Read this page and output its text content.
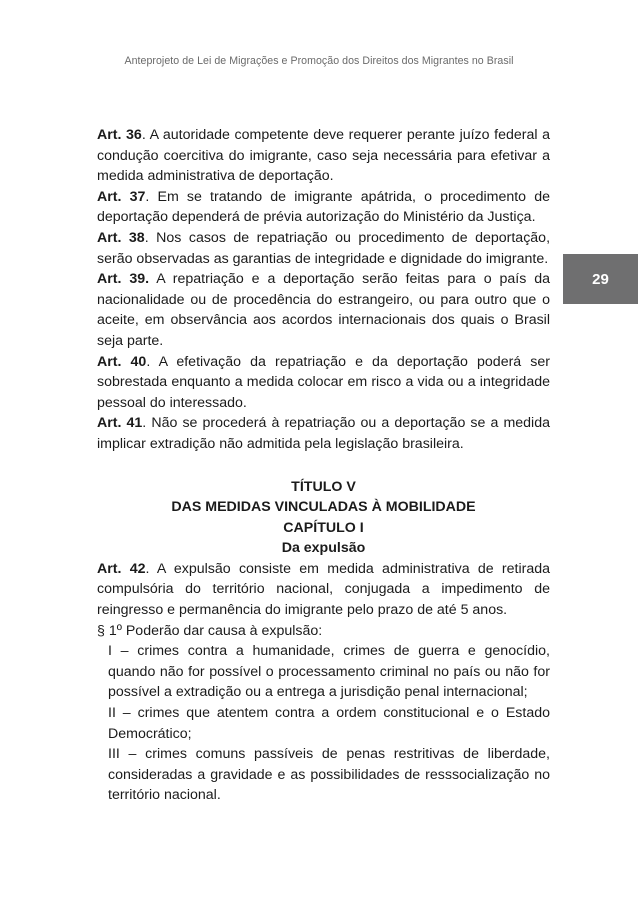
Anteprojeto de Lei de Migrações e Promoção dos Direitos dos Migrantes no Brasil
29

Art. 36. A autoridade competente deve requerer perante juízo federal a condução coercitiva do imigrante, caso seja necessária para efetivar a medida administrativa de deportação.

Art. 37. Em se tratando de imigrante apátrida, o procedimento de deportação dependerá de prévia autorização do Ministério da Justiça.

Art. 38. Nos casos de repatriação ou procedimento de deportação, serão observadas as garantias de integridade e dignidade do imigrante.

Art. 39. A repatriação e a deportação serão feitas para o país da nacionalidade ou de procedência do estrangeiro, ou para outro que o aceite, em observância aos acordos internacionais dos quais o Brasil seja parte.

Art. 40. A efetivação da repatriação e da deportação poderá ser sobrestada enquanto a medida colocar em risco a vida ou a integridade pessoal do interessado.

Art. 41. Não se procederá à repatriação ou a deportação se a medida implicar extradição não admitida pela legislação brasileira.

TÍTULO V
DAS MEDIDAS VINCULADAS À MOBILIDADE
CAPÍTULO I
Da expulsão

Art. 42. A expulsão consiste em medida administrativa de retirada compulsória do território nacional, conjugada a impedimento de reingresso e permanência do imigrante pelo prazo de até 5 anos.

§ 1º Poderão dar causa à expulsão:

I – crimes contra a humanidade, crimes de guerra e genocídio, quando não for possível o processamento criminal no país ou não for possível a extradição ou a entrega a jurisdição penal internacional;

II – crimes que atentem contra a ordem constitucional e o Estado Democrático;

III – crimes comuns passíveis de penas restritivas de liberdade, consideradas a gravidade e as possibilidades de resssocialização no território nacional.
